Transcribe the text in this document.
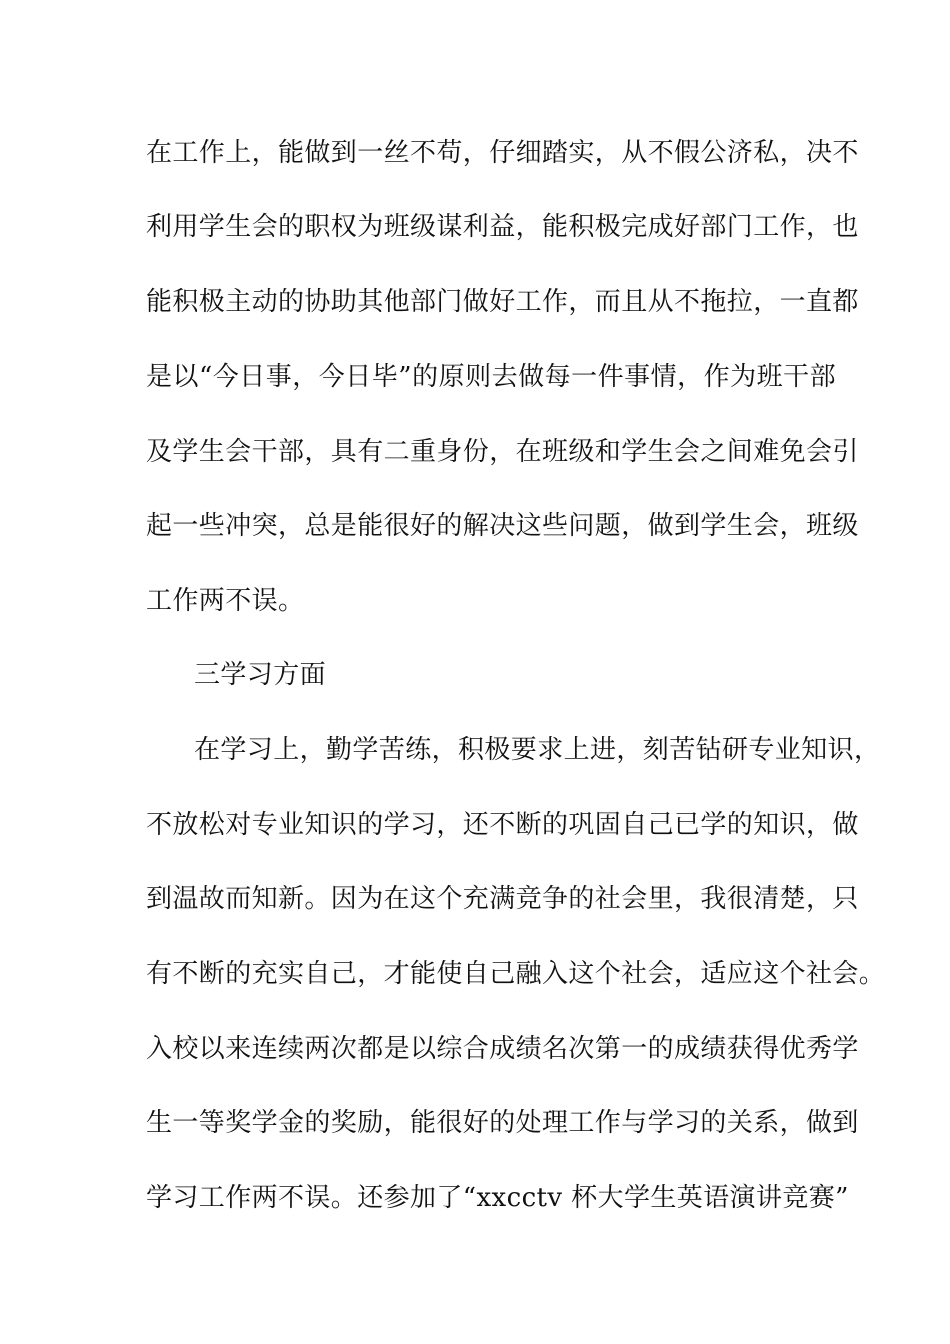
在工作上，能做到一丝不苟，仔细踏实，从不假公济私，决不
利用学生会的职权为班级谋利益，能积极完成好部门工作，也
能积极主动的协助其他部门做好工作，而且从不拖拉，一直都
是以“今日事，今日毕”的原则去做每一件事情，作为班干部
及学生会干部，具有二重身份，在班级和学生会之间难免会引
起一些冲突，总是能很好的解决这些问题，做到学生会，班级
工作两不误。
三学习方面
在学习上，勤学苦练，积极要求上进，刻苦钻研专业知识，
不放松对专业知识的学习，还不断的巩固自己已学的知识，做
到温故而知新。因为在这个充满竞争的社会里，我很清楚，只
有不断的充实自己，才能使自己融入这个社会，适应这个社会。
入校以来连续两次都是以综合成绩名次第一的成绩获得优秀学
生一等奖学金的奖励，能很好的处理工作与学习的关系，做到
学习工作两不误。还参加了“xxcctv 杯大学生英语演讲竞赛”
